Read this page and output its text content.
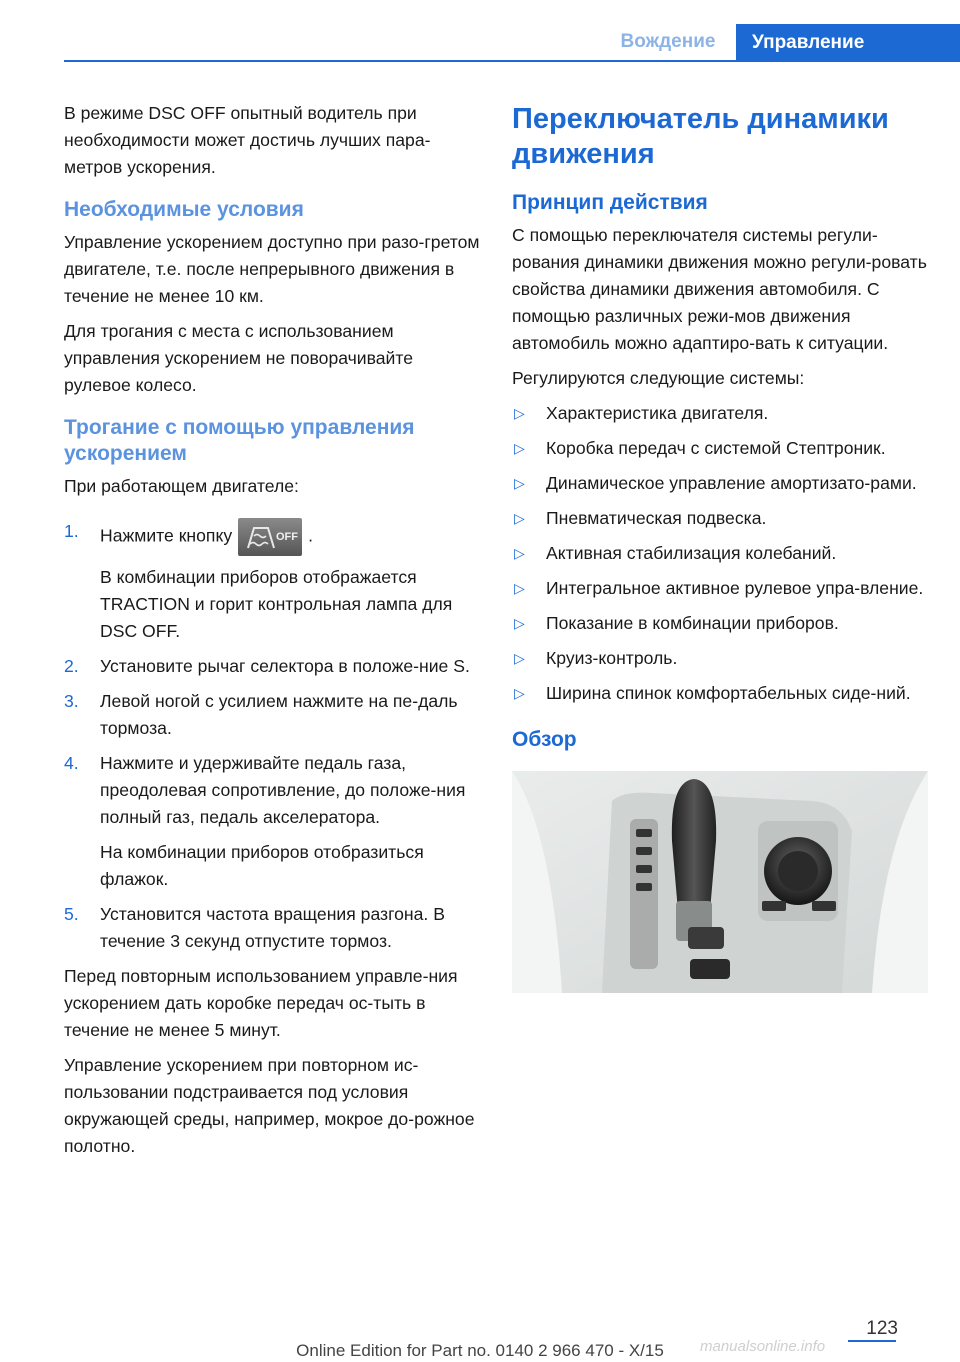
Вождение	Управление

В режиме DSC OFF опытный водитель при необходимости может достичь лучших пара-метров ускорения.

Необходимые условия

Управление ускорением доступно при разо-гретом двигателе, т.е. после непрерывного движения в течение не менее 10 км.

Для трогания с места с использованием управления ускорением не поворачивайте рулевое колесо.

Трогание с помощью управления ускорением

При работающем двигателе:

1. Нажмите кнопку	OFF .
В комбинации приборов отображается TRACTION и горит контрольная лампа для DSC OFF.
2. Установите рычаг селектора в положе-ние S.
3. Левой ногой с усилием нажмите на пе-даль тормоза.
4. Нажмите и удерживайте педаль газа, преодолевая сопротивление, до положе-ния полный газ, педаль акселератора.
На комбинации приборов отобразиться флажок.
5. Установится частота вращения разгона. В течение 3 секунд отпустите тормоз.

Перед повторным использованием управле-ния ускорением дать коробке передач ос-тыть в течение не менее 5 минут.

Управление ускорением при повторном ис-пользовании подстраивается под условия окружающей среды, например, мокрое до-рожное полотно.

Переключатель динамики движения
Принцип действия

С помощью переключателя системы регули-рования динамики движения можно регули-ровать свойства динамики движения автомобиля. С помощью различных режи-мов движения автомобиль можно адаптиро-вать к ситуации.

Регулируются следующие системы:

▷ Характеристика двигателя.
▷ Коробка передач с системой Стептроник.
▷ Динамическое управление амортизато-рами.
▷ Пневматическая подвеска.
▷ Активная стабилизация колебаний.
▷ Интегральное активное рулевое упра-вление.
▷ Показание в комбинации приборов.
▷ Круиз-контроль.
▷ Ширина спинок комфортабельных сиде-ний.
Обзор
123
Online Edition for Part no. 0140 2 966 470 - X/15	manualsonline.info
